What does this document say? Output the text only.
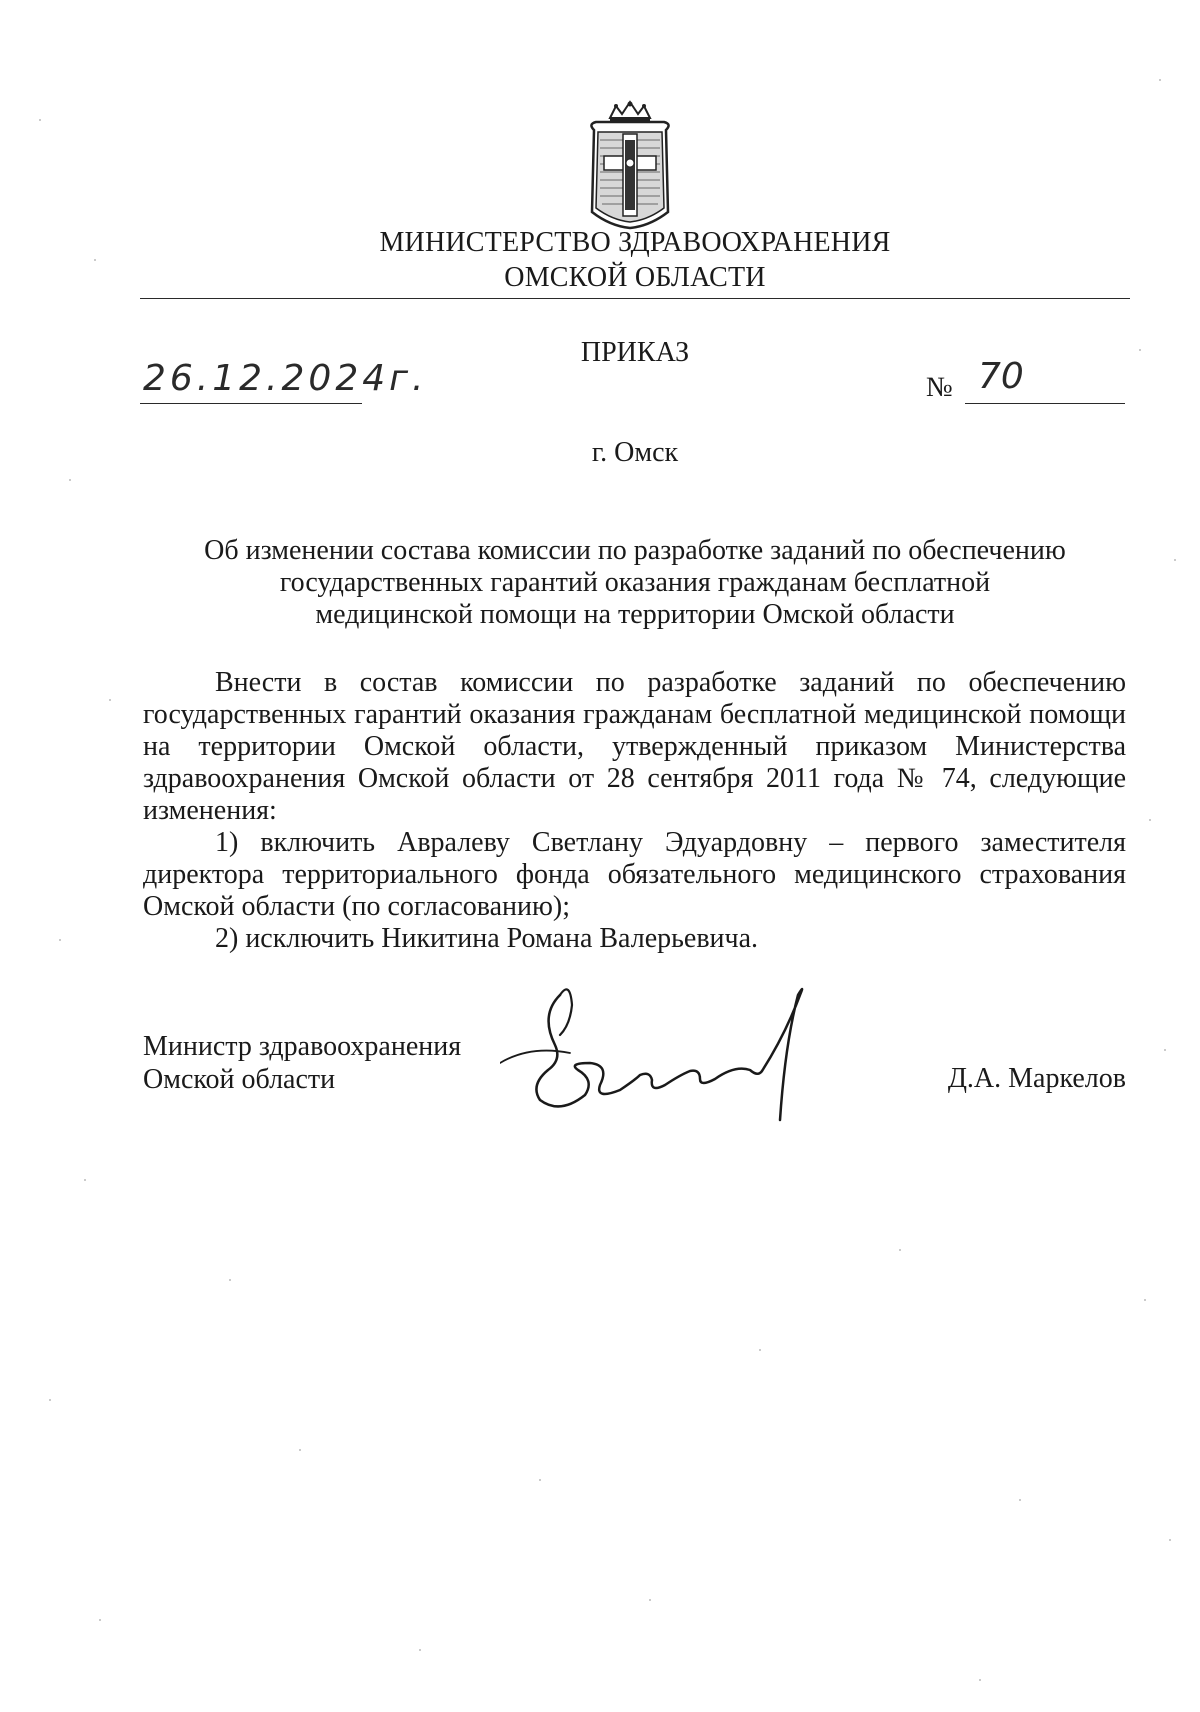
МИНИСТЕРСТВО ЗДРАВООХРАНЕНИЯ
ОМСКОЙ ОБЛАСТИ
ПРИКАЗ
26.12.2024г.	№ 70
г. Омск
Об изменении состава комиссии по разработке заданий по обеспечению
государственных гарантий оказания гражданам бесплатной
медицинской помощи на территории Омской области

Внести в состав комиссии по разработке заданий по обеспечению государственных гарантий оказания гражданам бесплатной медицинской помощи на территории Омской области, утвержденный приказом Министерства здравоохранения Омской области от 28 сентября 2011 года № 74, следующие изменения:

1) включить Авралеву Светлану Эдуардовну – первого заместителя директора территориального фонда обязательного медицинского страхования Омской области (по согласованию);

2) исключить Никитина Романа Валерьевича.

Министр здравоохранения
Омской области	Д.А. Маркелов
